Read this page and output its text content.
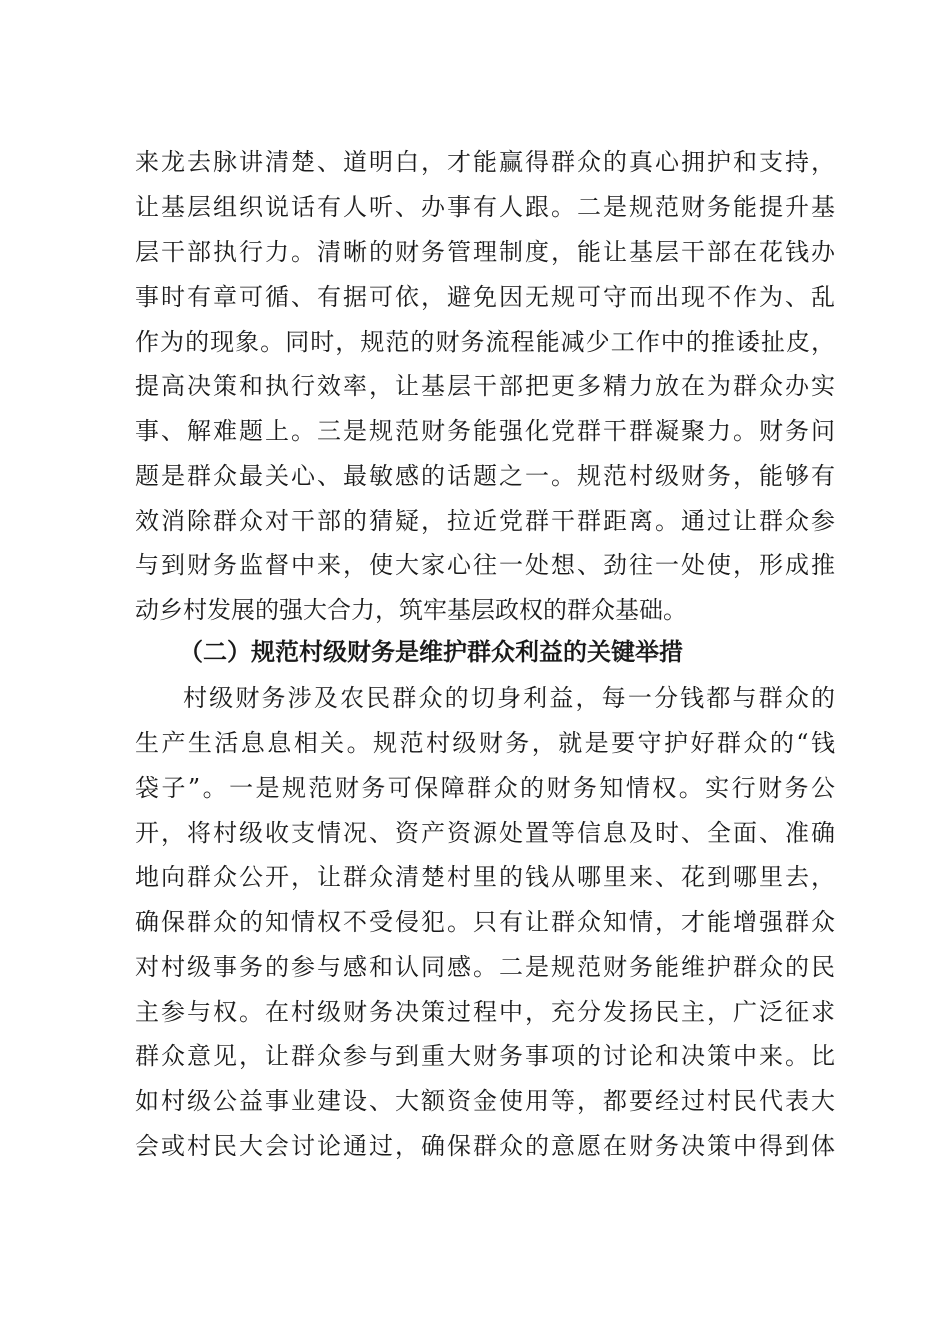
来龙去脉讲清楚、道明白，才能赢得群众的真心拥护和支持，
让基层组织说话有人听、办事有人跟。二是规范财务能提升基
层干部执行力。清晰的财务管理制度，能让基层干部在花钱办
事时有章可循、有据可依，避免因无规可守而出现不作为、乱
作为的现象。同时，规范的财务流程能减少工作中的推诿扯皮，
提高决策和执行效率，让基层干部把更多精力放在为群众办实
事、解难题上。三是规范财务能强化党群干群凝聚力。财务问
题是群众最关心、最敏感的话题之一。规范村级财务，能够有
效消除群众对干部的猜疑，拉近党群干群距离。通过让群众参
与到财务监督中来，使大家心往一处想、劲往一处使，形成推
动乡村发展的强大合力，筑牢基层政权的群众基础。
（二）规范村级财务是维护群众利益的关键举措
村级财务涉及农民群众的切身利益，每一分钱都与群众的
生产生活息息相关。规范村级财务，就是要守护好群众的“钱
袋子”。一是规范财务可保障群众的财务知情权。实行财务公
开，将村级收支情况、资产资源处置等信息及时、全面、准确
地向群众公开，让群众清楚村里的钱从哪里来、花到哪里去，
确保群众的知情权不受侵犯。只有让群众知情，才能增强群众
对村级事务的参与感和认同感。二是规范财务能维护群众的民
主参与权。在村级财务决策过程中，充分发扬民主，广泛征求
群众意见，让群众参与到重大财务事项的讨论和决策中来。比
如村级公益事业建设、大额资金使用等，都要经过村民代表大
会或村民大会讨论通过，确保群众的意愿在财务决策中得到体
